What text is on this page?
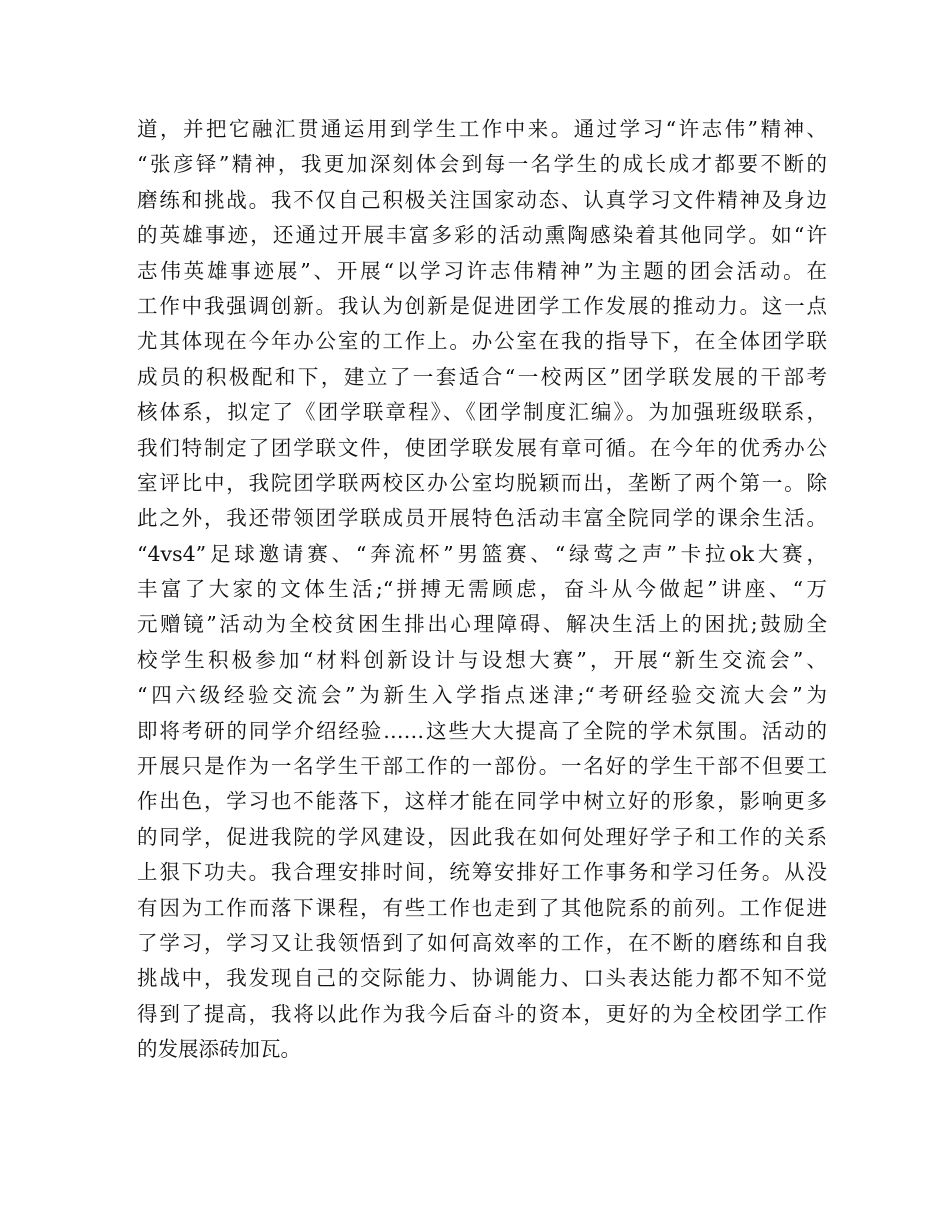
道，并把它融汇贯通运用到学生工作中来。通过学习“许志伟”精神、
“张彦铎”精神，我更加深刻体会到每一名学生的成长成才都要不断的
磨练和挑战。我不仅自己积极关注国家动态、认真学习文件精神及身边
的英雄事迹，还通过开展丰富多彩的活动熏陶感染着其他同学。如“许
志伟英雄事迹展”、开展“以学习许志伟精神”为主题的团会活动。在
工作中我强调创新。我认为创新是促进团学工作发展的推动力。这一点
尤其体现在今年办公室的工作上。办公室在我的指导下，在全体团学联
成员的积极配和下，建立了一套适合“一校两区”团学联发展的干部考
核体系，拟定了《团学联章程》、《团学制度汇编》。为加强班级联系，
我们特制定了团学联文件，使团学联发展有章可循。在今年的优秀办公
室评比中，我院团学联两校区办公室均脱颖而出，垄断了两个第一。除
此之外，我还带领团学联成员开展特色活动丰富全院同学的课余生活。
“4vs4”足球邀请赛、“奔流杯”男篮赛、“绿莺之声”卡拉ok大赛，
丰富了大家的文体生活;“拼搏无需顾虑，奋斗从今做起”讲座、“万
元赠镜”活动为全校贫困生排出心理障碍、解决生活上的困扰;鼓励全
校学生积极参加“材料创新设计与设想大赛”，开展“新生交流会”、
“四六级经验交流会”为新生入学指点迷津;“考研经验交流大会”为
即将考研的同学介绍经验……这些大大提高了全院的学术氛围。活动的
开展只是作为一名学生干部工作的一部份。一名好的学生干部不但要工
作出色，学习也不能落下，这样才能在同学中树立好的形象，影响更多
的同学，促进我院的学风建设，因此我在如何处理好学子和工作的关系
上狠下功夫。我合理安排时间，统筹安排好工作事务和学习任务。从没
有因为工作而落下课程，有些工作也走到了其他院系的前列。工作促进
了学习，学习又让我领悟到了如何高效率的工作，在不断的磨练和自我
挑战中，我发现自己的交际能力、协调能力、口头表达能力都不知不觉
得到了提高，我将以此作为我今后奋斗的资本，更好的为全校团学工作
的发展添砖加瓦。
